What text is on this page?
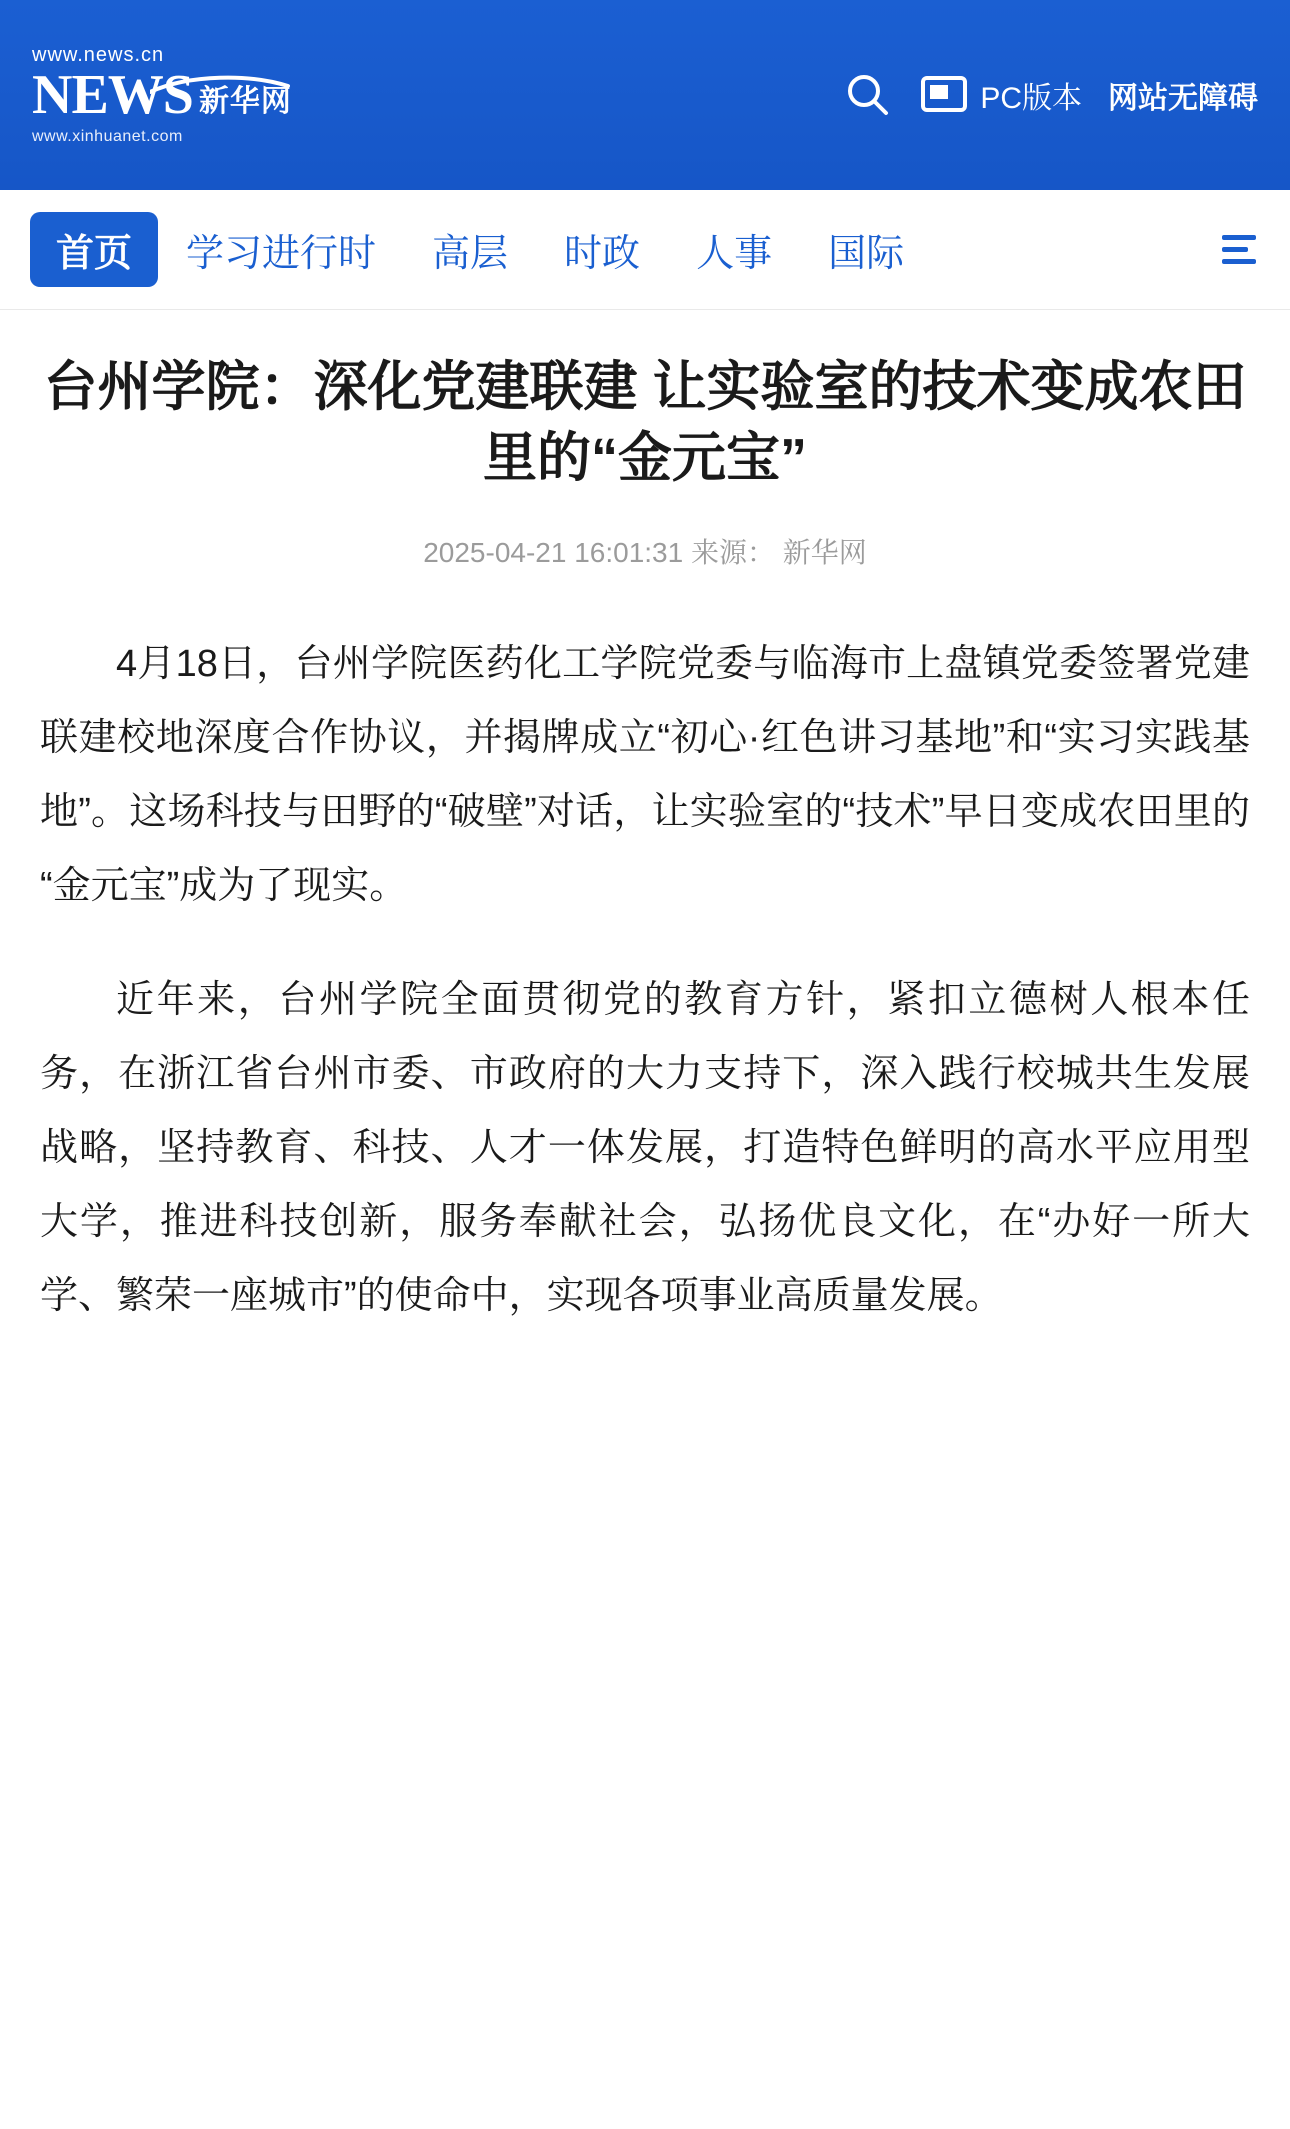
www.news.cn
NEWS 新华网
www.xinhuanet.com
PC版本 网站无障碍
首页	学习进行时	高层	时政	人事	国际
台州学院：深化党建联建 让实验室的技术变成农田里的“金元宝”
2025-04-21 16:01:31 来源： 新华网

4月18日，台州学院医药化工学院党委与临海市上盘镇党委签署党建联建校地深度合作协议，并揭牌成立“初心·红色讲习基地”和“实习实践基地”。这场科技与田野的“破壁”对话，让实验室的“技术”早日变成农田里的“金元宝”成为了现实。

近年来，台州学院全面贯彻党的教育方针，紧扣立德树人根本任务，在浙江省台州市委、市政府的大力支持下，深入践行校城共生发展战略，坚持教育、科技、人才一体发展，打造特色鲜明的高水平应用型大学，推进科技创新，服务奉献社会，弘扬优良文化，在“办好一所大学、繁荣一座城市”的使命中，实现各项事业高质量发展。
